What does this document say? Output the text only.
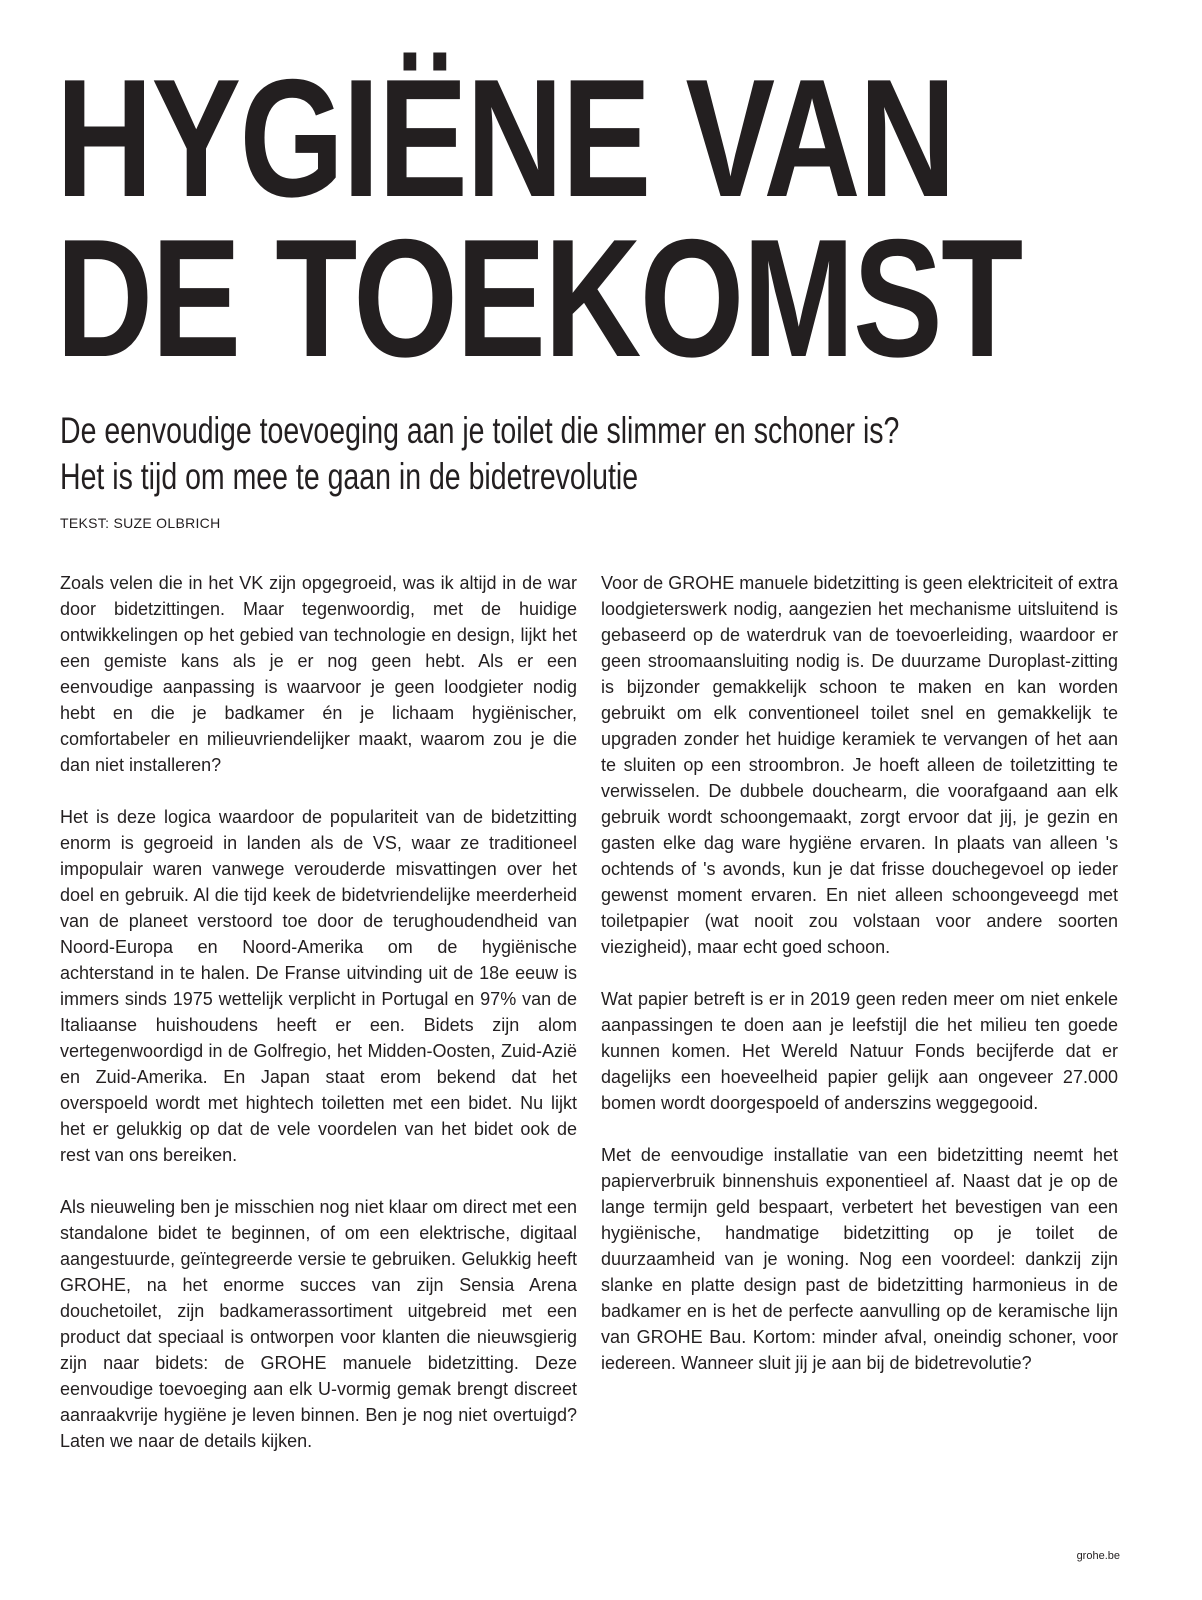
HYGIËNE VAN
DE TOEKOMST
De eenvoudige toevoeging aan je toilet die slimmer en schoner is?
Het is tijd om mee te gaan in de bidetrevolutie

TEKST: SUZE OLBRICH

Zoals velen die in het VK zijn opgegroeid, was ik altijd in de war door bidetzittingen. Maar tegenwoordig, met de huidige ontwikkelingen op het gebied van technologie en design, lijkt het een gemiste kans als je er nog geen hebt. Als er een eenvoudige aanpassing is waarvoor je geen loodgieter nodig hebt en die je badkamer én je lichaam hygiënischer, comfortabeler en milieuvriendelijker maakt, waarom zou je die dan niet installeren?

Het is deze logica waardoor de populariteit van de bidetzitting enorm is gegroeid in landen als de VS, waar ze traditioneel impopulair waren vanwege verouderde misvattingen over het doel en gebruik. Al die tijd keek de bidetvriendelijke meerderheid van de planeet verstoord toe door de terughoudendheid van Noord-Europa en Noord-Amerika om de hygiënische achterstand in te halen. De Franse uitvinding uit de 18e eeuw is immers sinds 1975 wettelijk verplicht in Portugal en 97% van de Italiaanse huishoudens heeft er een. Bidets zijn alom vertegenwoordigd in de Golfregio, het Midden-Oosten, Zuid-Azië en Zuid-Amerika. En Japan staat erom bekend dat het overspoeld wordt met hightech toiletten met een bidet. Nu lijkt het er gelukkig op dat de vele voordelen van het bidet ook de rest van ons bereiken.

Als nieuweling ben je misschien nog niet klaar om direct met een standalone bidet te beginnen, of om een elektrische, digitaal aangestuurde, geïntegreerde versie te gebruiken. Gelukkig heeft GROHE, na het enorme succes van zijn Sensia Arena douchetoilet, zijn badkamerassortiment uitgebreid met een product dat speciaal is ontworpen voor klanten die nieuwsgierig zijn naar bidets: de GROHE manuele bidetzitting. Deze eenvoudige toevoeging aan elk U-vormig gemak brengt discreet aanraakvrije hygiëne je leven binnen. Ben je nog niet overtuigd? Laten we naar de details kijken.

Voor de GROHE manuele bidetzitting is geen elektriciteit of extra loodgieterswerk nodig, aangezien het mechanisme uitsluitend is gebaseerd op de waterdruk van de toevoerleiding, waardoor er geen stroomaansluiting nodig is. De duurzame Duroplast-zitting is bijzonder gemakkelijk schoon te maken en kan worden gebruikt om elk conventioneel toilet snel en gemakkelijk te upgraden zonder het huidige keramiek te vervangen of het aan te sluiten op een stroombron. Je hoeft alleen de toiletzitting te verwisselen. De dubbele douchearm, die voorafgaand aan elk gebruik wordt schoongemaakt, zorgt ervoor dat jij, je gezin en gasten elke dag ware hygiëne ervaren. In plaats van alleen 's ochtends of 's avonds, kun je dat frisse douchegevoel op ieder gewenst moment ervaren. En niet alleen schoongeveegd met toiletpapier (wat nooit zou volstaan voor andere soorten viezigheid), maar echt goed schoon.

Wat papier betreft is er in 2019 geen reden meer om niet enkele aanpassingen te doen aan je leefstijl die het milieu ten goede kunnen komen. Het Wereld Natuur Fonds becijferde dat er dagelijks een hoeveelheid papier gelijk aan ongeveer 27.000 bomen wordt doorgespoeld of anderszins weggegooid.

Met de eenvoudige installatie van een bidetzitting neemt het papierverbruik binnenshuis exponentieel af. Naast dat je op de lange termijn geld bespaart, verbetert het bevestigen van een hygiënische, handmatige bidetzitting op je toilet de duurzaamheid van je woning. Nog een voordeel: dankzij zijn slanke en platte design past de bidetzitting harmonieus in de badkamer en is het de perfecte aanvulling op de keramische lijn van GROHE Bau. Kortom: minder afval, oneindig schoner, voor iedereen. Wanneer sluit jij je aan bij de bidetrevolutie?

grohe.be
